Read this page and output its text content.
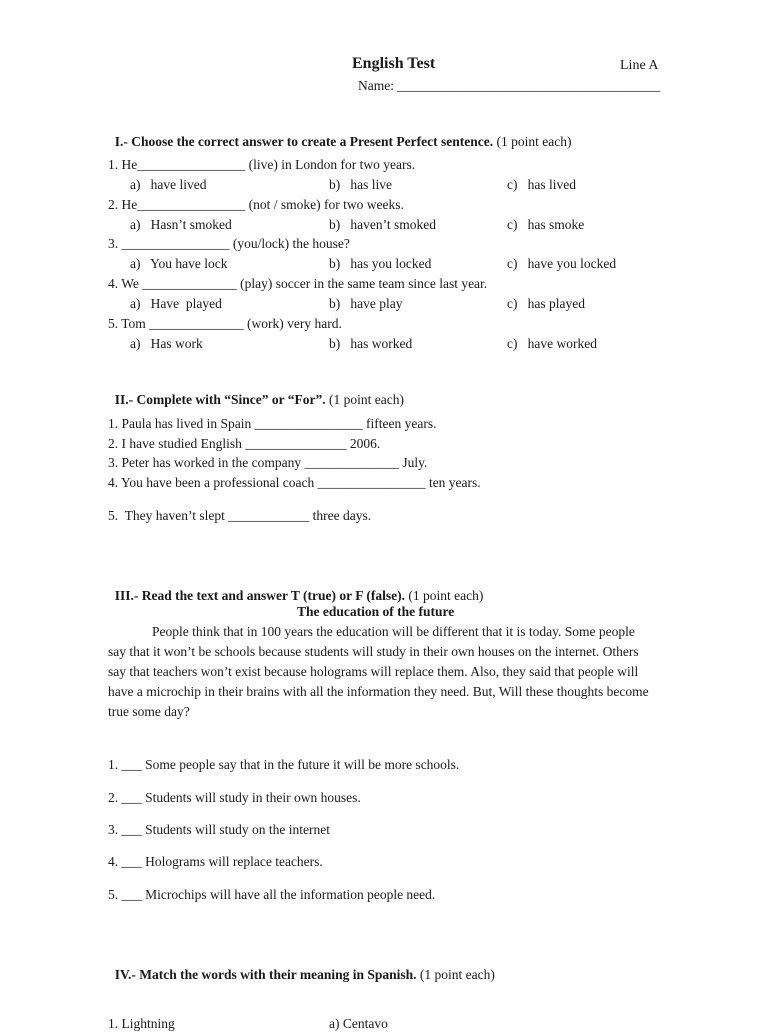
English Test	Line A
Name: _______________________________________

I.- Choose the correct answer to create a Present Perfect sentence. (1 point each)

1. He________________ (live) in London for two years.
a)   have lived	b)   has live	c)   has lived
2. He________________ (not / smoke) for two weeks.
a)   Hasn’t smoked	b)   haven’t smoked	c)   has smoke
3. ________________ (you/lock) the house?
a)   You have lock	b)   has you locked	c)   have you locked
4. We ______________ (play) soccer in the same team since last year.
a)   Have  played	b)   have play	c)   has played
5. Tom ______________ (work) very hard.
a)   Has work	b)   has worked	c)   have worked

II.- Complete with “Since” or “For”. (1 point each)

1. Paula has lived in Spain ________________ fifteen years.
2. I have studied English _______________ 2006.
3. Peter has worked in the company ______________ July.
4. You have been a professional coach ________________ ten years.
5.  They haven’t slept ____________ three days.

III.- Read the text and answer T (true) or F (false). (1 point each)

The education of the future
People think that in 100 years the education will be different that it is today. Some people say that it won’t be schools because students will study in their own houses on the internet. Others say that teachers won’t exist because holograms will replace them. Also, they said that people will have a microchip in their brains with all the information they need. But, Will these thoughts become true some day?
1. ___ Some people say that in the future it will be more schools.
2. ___ Students will study in their own houses.
3. ___ Students will study on the internet
4. ___ Holograms will replace teachers.
5. ___ Microchips will have all the information people need.

IV.- Match the words with their meaning in Spanish. (1 point each)

1. Lightning	a) Centavo
